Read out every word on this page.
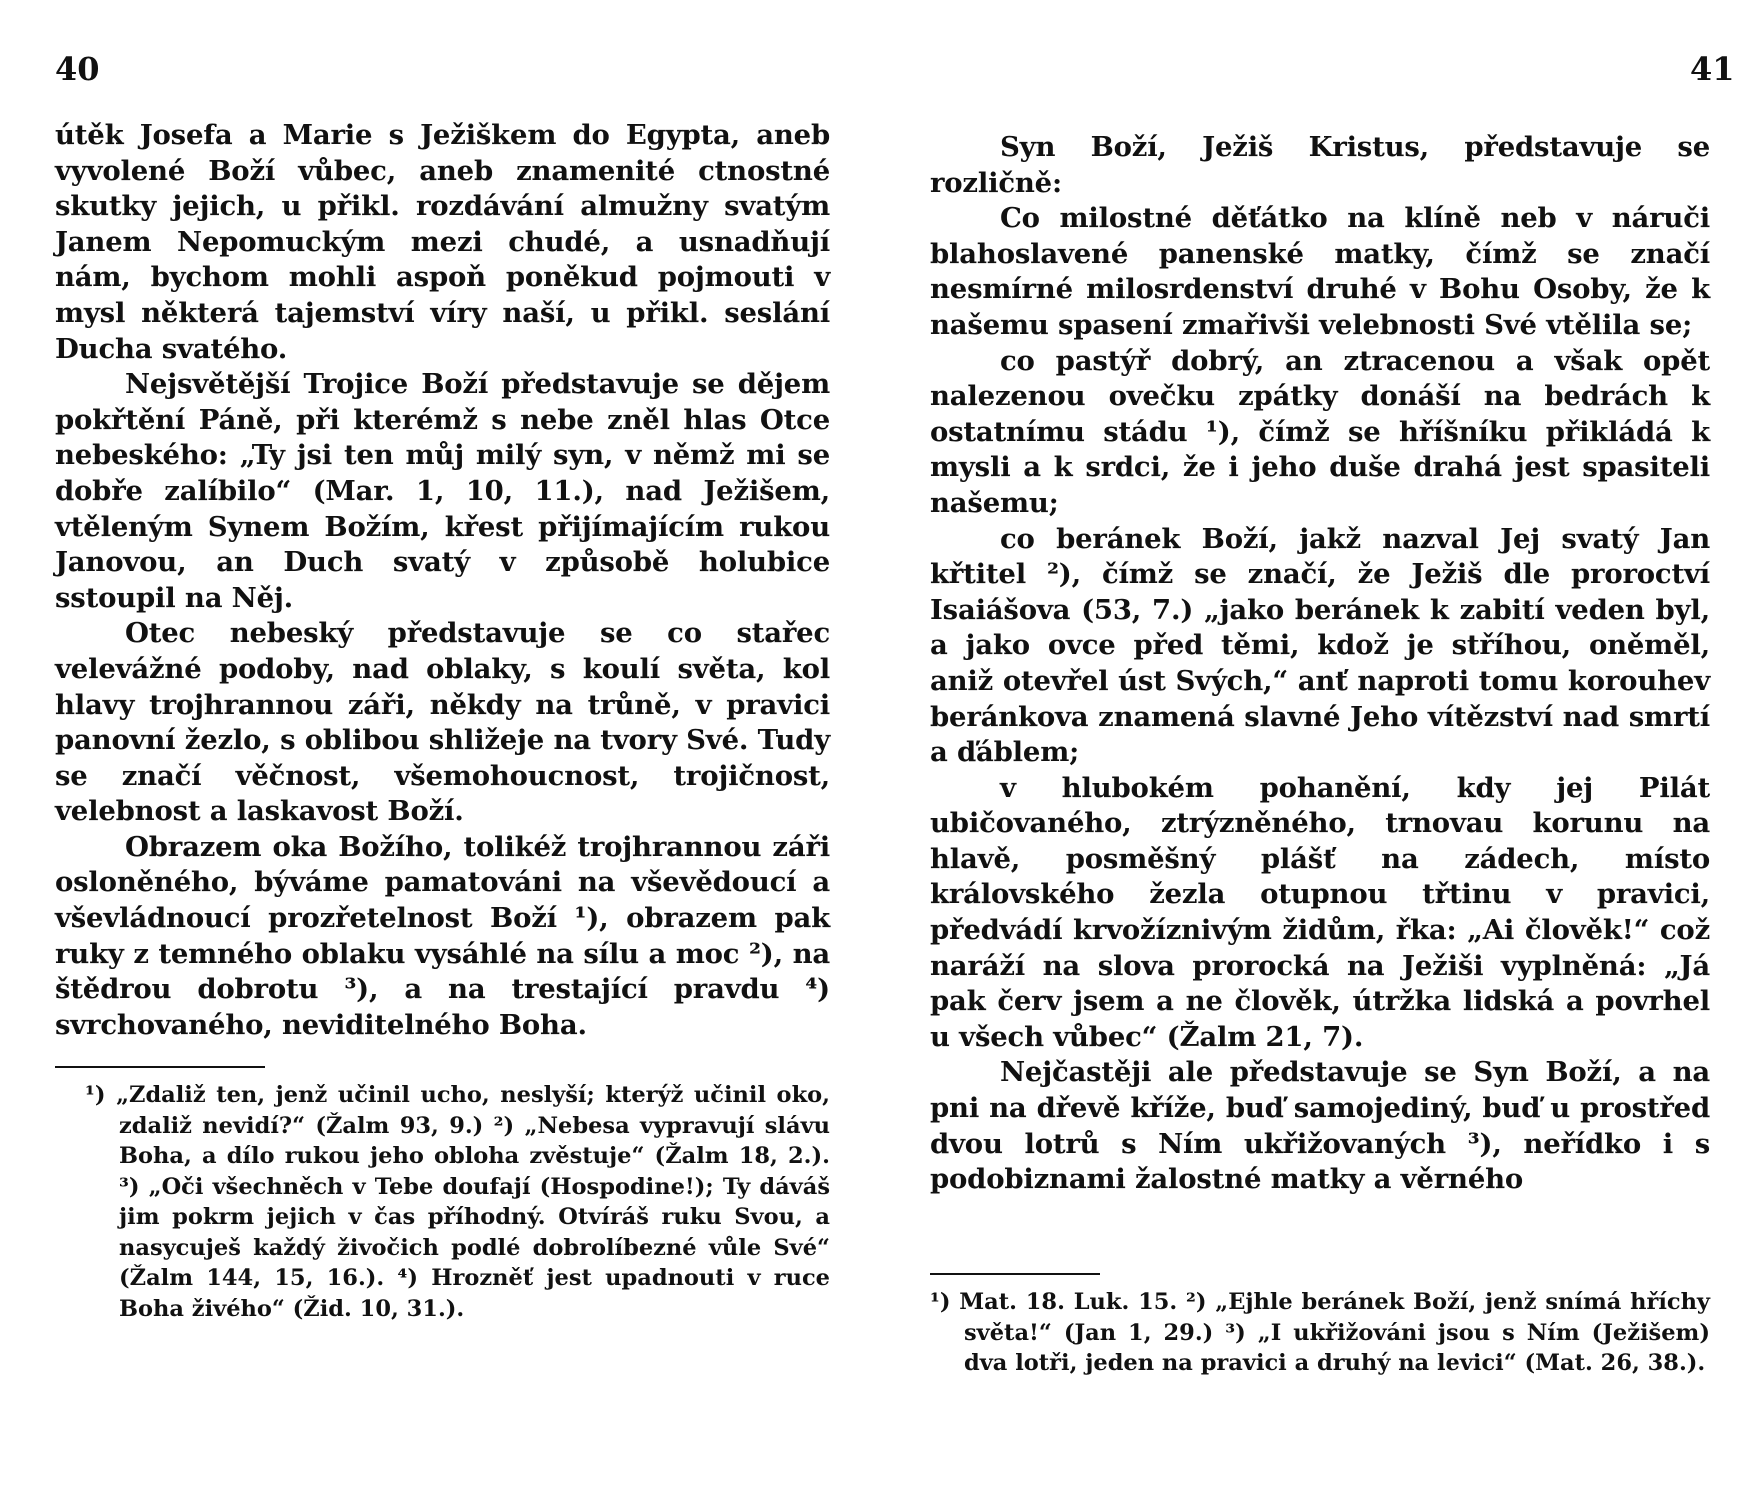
40

útěk Josefa a Marie s Ježiškem do Egypta, aneb vyvolené Boží vůbec, aneb znamenité ctnostné skutky jejich, u přikl. rozdávání almužny svatým Janem Nepomuckým mezi chudé, a usnadňují nám, bychom mohli aspoň poněkud pojmouti v mysl některá tajemství víry naší, u přikl. seslání Ducha svatého.

Nejsvětější Trojice Boží představuje se dějem pokřtění Páně, při kterémž s nebe zněl hlas Otce nebeského: „Ty jsi ten můj milý syn, v němž mi se dobře zalíbilo“ (Mar. 1, 10, 11.), nad Ježišem, vtěleným Synem Božím, křest přijímajícím rukou Janovou, an Duch svatý v způsobě holubice sstoupil na Něj.

Otec nebeský představuje se co stařec velevážné podoby, nad oblaky, s koulí světa, kol hlavy trojhrannou záři, někdy na trůně, v pravici panovní žezlo, s oblibou shližeje na tvory Své. Tudy se značí věčnost, všemohoucnost, trojičnost, velebnost a laskavost Boží.

Obrazem oka Božího, tolikéž trojhrannou záři osloněného, býváme pamatováni na vševědoucí a vševládnoucí prozřetelnost Boží ¹), obrazem pak ruky z temného oblaku vysáhlé na sílu a moc ²), na štědrou dobrotu ³), a na trestající pravdu ⁴) svrchovaného, neviditelného Boha.

¹) „Zdaliž ten, jenž učinil ucho, neslyší; kterýž učinil oko, zdaliž nevidí?“ (Žalm 93, 9.) ²) „Nebesa vypravují slávu Boha, a dílo rukou jeho obloha zvěstuje“ (Žalm 18, 2.). ³) „Oči všechněch v Tebe doufají (Hospodine!); Ty dáváš jim pokrm jejich v čas příhodný. Otvíráš ruku Svou, a nasycuješ každý živočich podlé dobrolíbezné vůle Své“ (Žalm 144, 15, 16.). ⁴) Hrozněť jest upadnouti v ruce Boha živého“ (Žid. 10, 31.).

41

Syn Boží, Ježiš Kristus, představuje se rozličně:

Co milostné děťátko na klíně neb v náruči blahoslavené panenské matky, čímž se značí nesmírné milosrdenství druhé v Bohu Osoby, že k našemu spasení zmařivši velebnosti Své vtělila se;

co pastýř dobrý, an ztracenou a však opět nalezenou ovečku zpátky donáší na bedrách k ostatnímu stádu ¹), čímž se hříšníku přikládá k mysli a k srdci, že i jeho duše drahá jest spasiteli našemu;

co beránek Boží, jakž nazval Jej svatý Jan křtitel ²), čímž se značí, že Ježiš dle proroctví Isaiášova (53, 7.) „jako beránek k zabití veden byl, a jako ovce před těmi, kdož je stříhou, oněměl, aniž otevřel úst Svých,“ anť naproti tomu korouhev beránkova znamená slavné Jeho vítězství nad smrtí a ďáblem;

v hlubokém pohanění, kdy jej Pilát ubičovaného, ztrýzněného, trnovau korunu na hlavě, posměšný plášť na zádech, místo královského žezla otupnou třtinu v pravici, předvádí krvožíznivým židům, řka: „Ai člověk!“ což naráží na slova prorocká na Ježiši vyplněná: „Já pak červ jsem a ne člověk, útržka lidská a povrhel u všech vůbec“ (Žalm 21, 7).

Nejčastěji ale představuje se Syn Boží, a na pni na dřevě kříže, buď samojediný, buď u prostřed dvou lotrů s Ním ukřižovaných ³), neřídko i s podobiznami žalostné matky a věrného

¹) Mat. 18. Luk. 15. ²) „Ejhle beránek Boží, jenž snímá hříchy světa!“ (Jan 1, 29.) ³) „I ukřižováni jsou s Ním (Ježišem) dva lotři, jeden na pravici a druhý na levici“ (Mat. 26, 38.).
